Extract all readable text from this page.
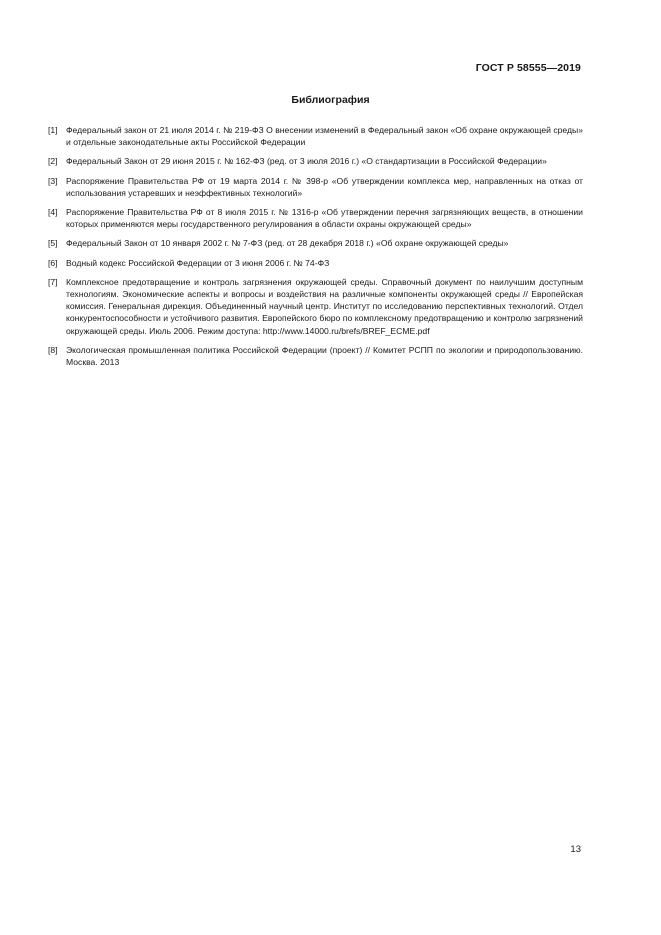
ГОСТ Р 58555—2019
Библиография
[1] Федеральный закон от 21 июля 2014 г. № 219-ФЗ О внесении изменений в Федеральный закон «Об охране окружающей среды» и отдельные законодательные акты Российской Федерации
[2] Федеральный Закон от 29 июня 2015 г. № 162-ФЗ (ред. от 3 июля 2016 г.) «О стандартизации в Российской Федерации»
[3] Распоряжение Правительства РФ от 19 марта 2014 г. № 398-р «Об утверждении комплекса мер, направленных на отказ от использования устаревших и неэффективных технологий»
[4] Распоряжение Правительства РФ от 8 июля 2015 г. № 1316-р «Об утверждении перечня загрязняющих веществ, в отношении которых применяются меры государственного регулирования в области охраны окружающей среды»
[5] Федеральный Закон от 10 января 2002 г. № 7-ФЗ (ред. от 28 декабря 2018 г.) «Об охране окружающей среды»
[6] Водный кодекс Российской Федерации от 3 июня 2006 г. № 74-ФЗ
[7] Комплексное предотвращение и контроль загрязнения окружающей среды. Справочный документ по наилучшим доступным технологиям. Экономические аспекты и вопросы и воздействия на различные компоненты окружающей среды // Европейская комиссия. Генеральная дирекция. Объединенный научный центр. Институт по исследованию перспективных технологий. Отдел конкурентоспособности и устойчивого развития. Европейского бюро по комплексному предотвращению и контролю загрязнений окружающей среды. Июль 2006. Режим доступа: http://www.14000.ru/brefs/BREF_ECME.pdf
[8] Экологическая промышленная политика Российской Федерации (проект) // Комитет РСПП по экологии и природопользованию. Москва. 2013
13
